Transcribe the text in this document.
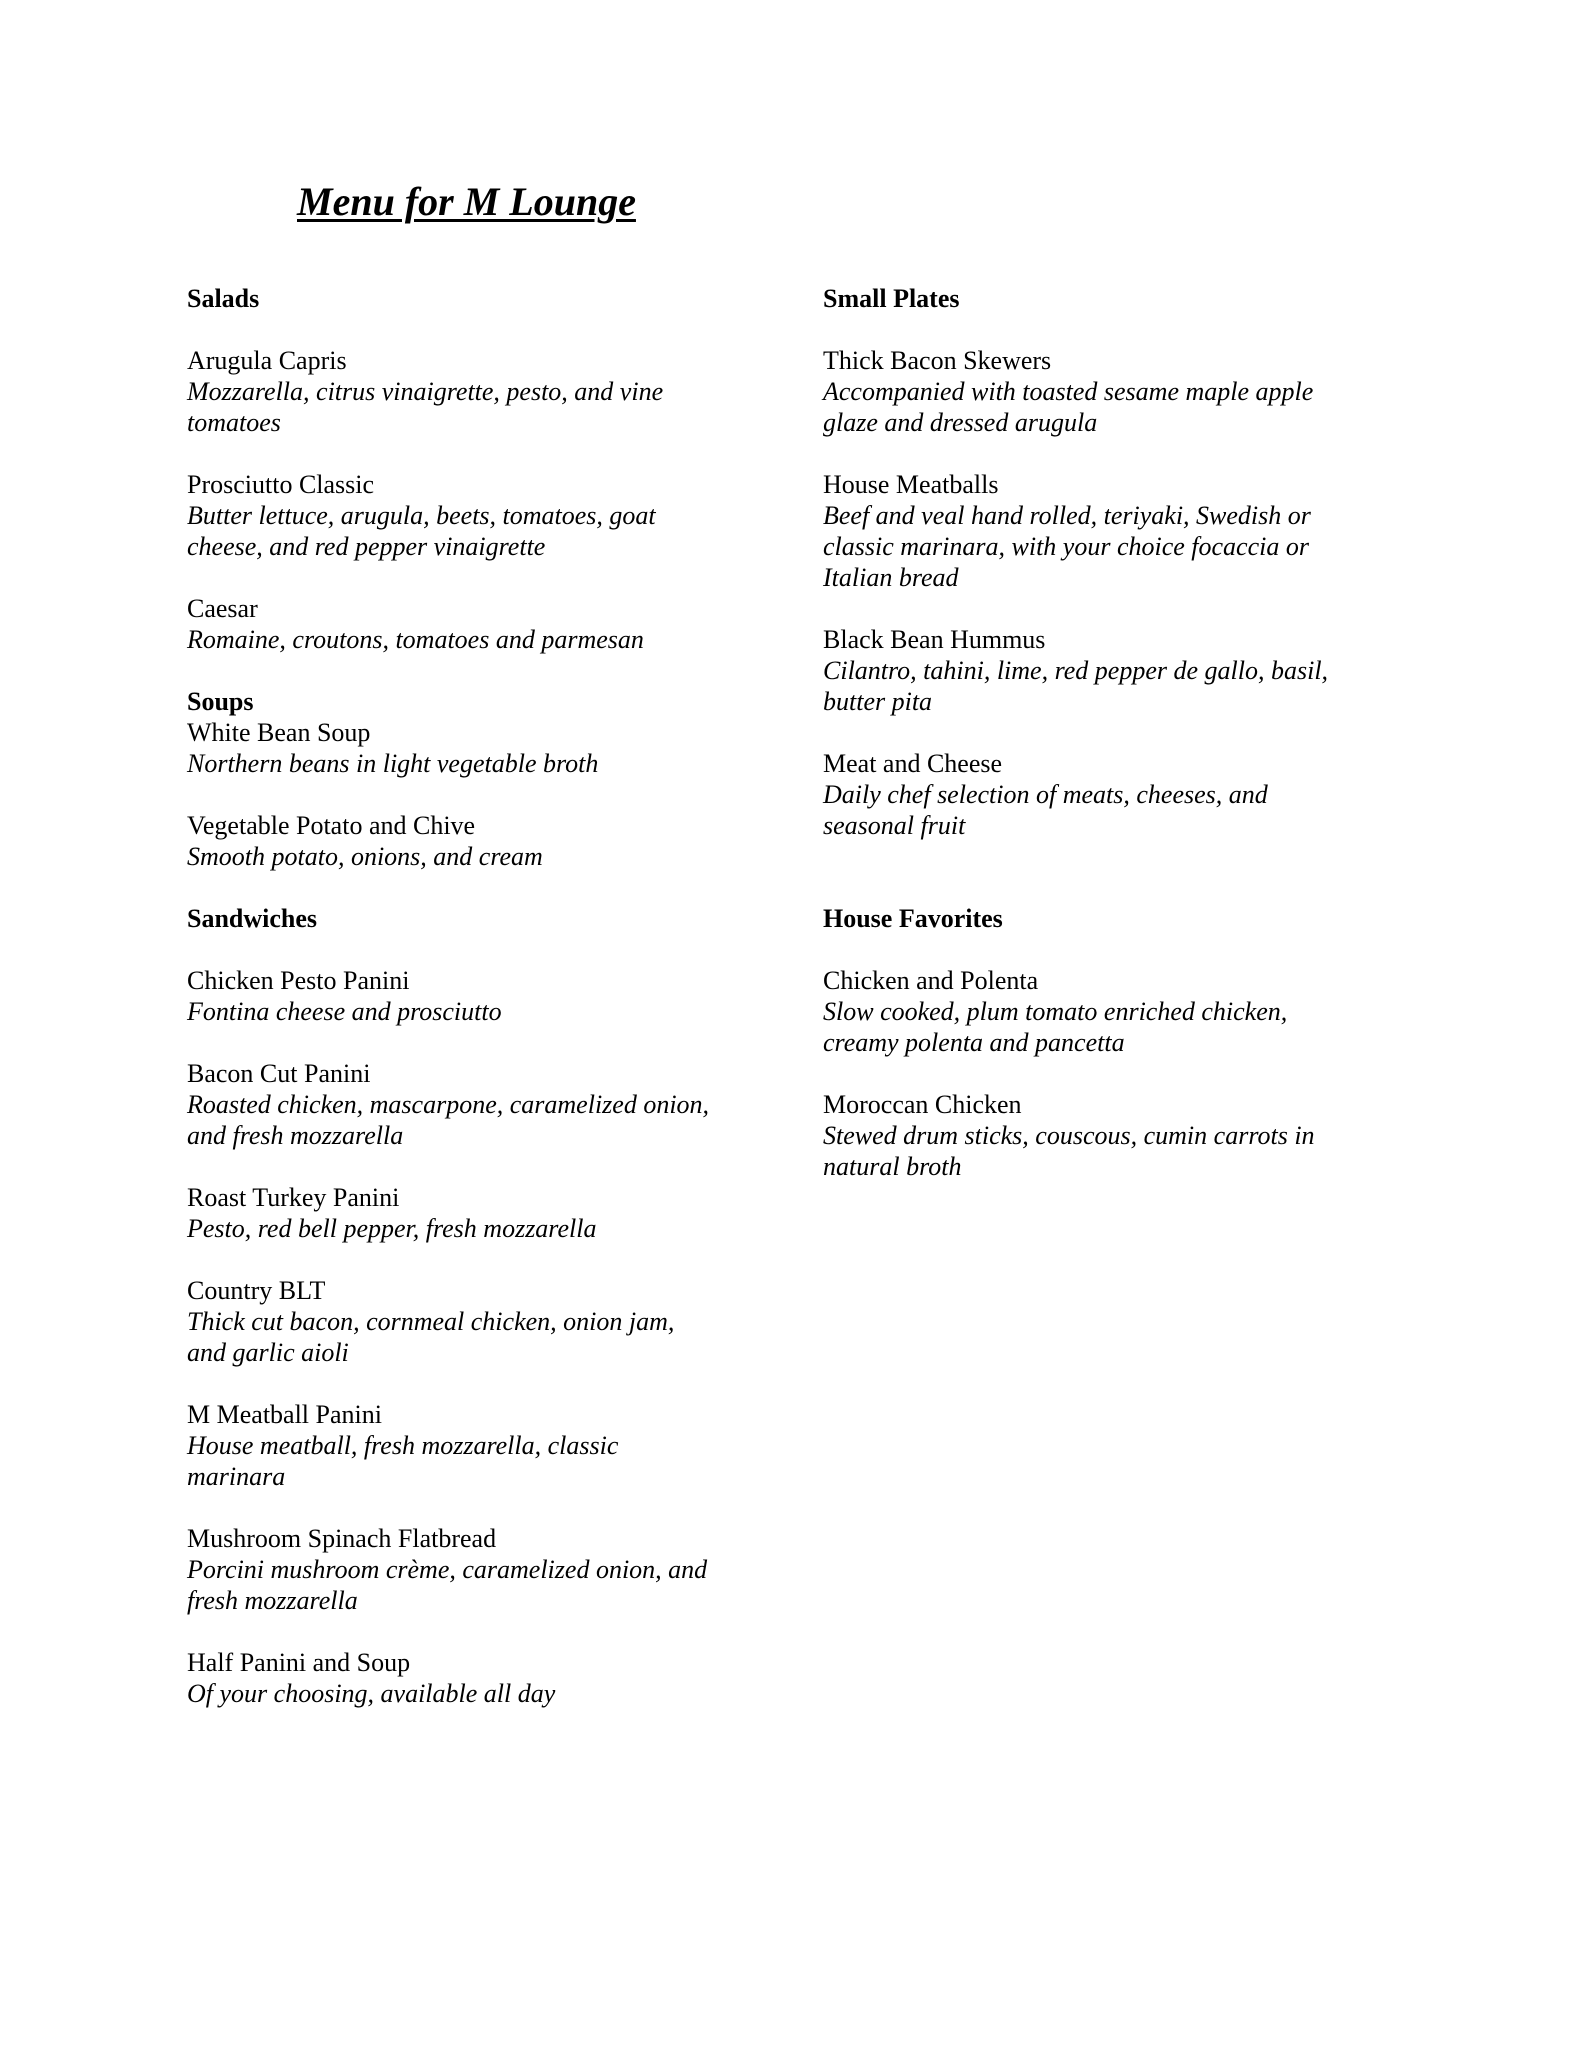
Menu for M Lounge
Salads
Arugula Capris
Mozzarella, citrus vinaigrette, pesto, and vine
tomatoes
Prosciutto Classic
Butter lettuce, arugula, beets, tomatoes, goat
cheese, and red pepper vinaigrette
Caesar
Romaine, croutons, tomatoes and parmesan
Soups
White Bean Soup
Northern beans in light vegetable broth
Vegetable Potato and Chive
Smooth potato, onions, and cream
Sandwiches
Chicken Pesto Panini
Fontina cheese and prosciutto
Bacon Cut Panini
Roasted chicken, mascarpone, caramelized onion,
and fresh mozzarella
Roast Turkey Panini
Pesto, red bell pepper, fresh mozzarella
Country BLT
Thick cut bacon, cornmeal chicken, onion jam,
and garlic aioli
M Meatball Panini
House meatball, fresh mozzarella, classic
marinara
Mushroom Spinach Flatbread
Porcini mushroom crème, caramelized onion, and
fresh mozzarella
Half Panini and Soup
Of your choosing, available all day
Small Plates
Thick Bacon Skewers
Accompanied with toasted sesame maple apple
glaze and dressed arugula
House Meatballs
Beef and veal hand rolled, teriyaki, Swedish or
classic marinara, with your choice focaccia or
Italian bread
Black Bean Hummus
Cilantro, tahini, lime, red pepper de gallo, basil,
butter pita
Meat and Cheese
Daily chef selection of meats, cheeses, and
seasonal fruit
House Favorites
Chicken and Polenta
Slow cooked, plum tomato enriched chicken,
creamy polenta and pancetta
Moroccan Chicken
Stewed drum sticks, couscous, cumin carrots in
natural broth
